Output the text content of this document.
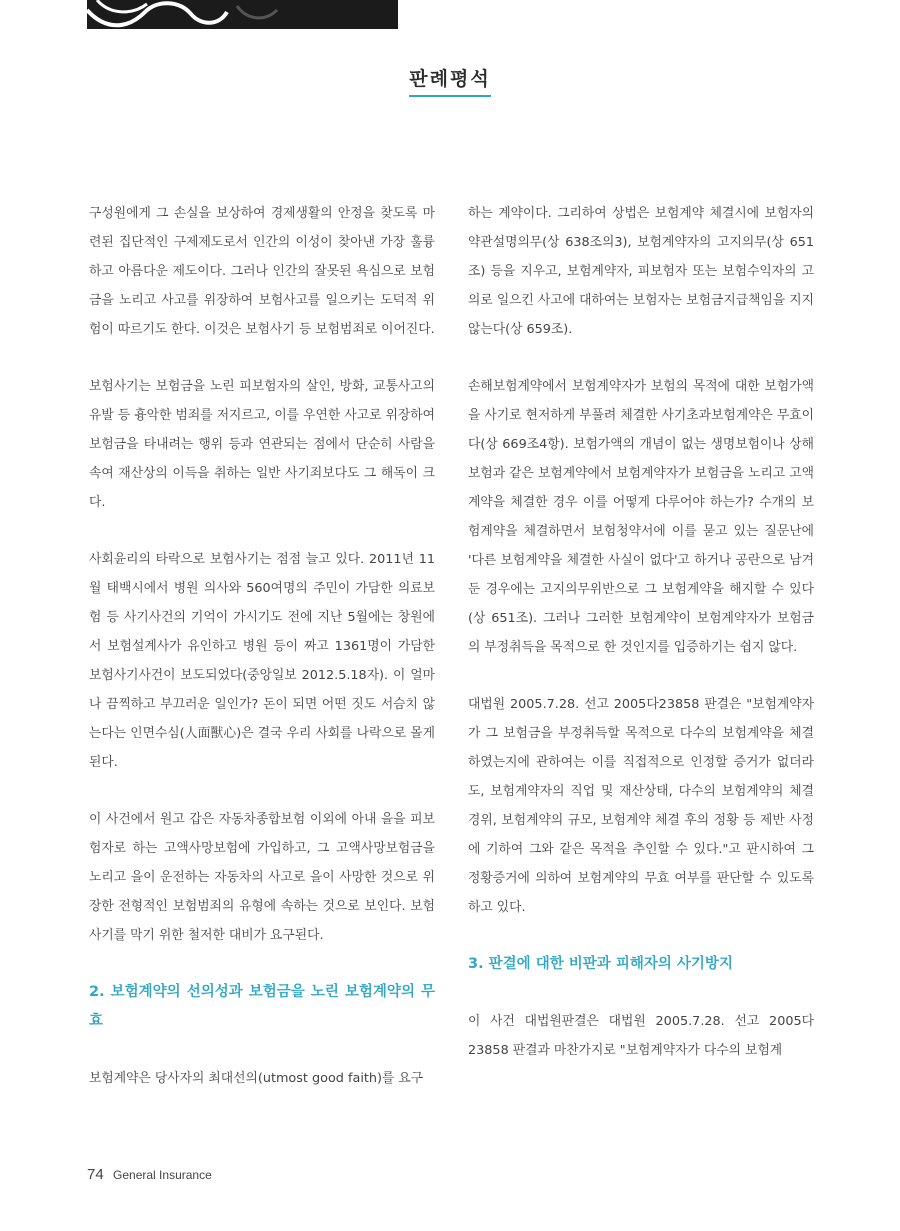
판례평석

구성원에게 그 손실을 보상하여 경제생활의 안정을 찾도록 마련된 집단적인 구제제도로서 인간의 이성이 찾아낸 가장 훌륭하고 아름다운 제도이다. 그러나 인간의 잘못된 욕심으로 보험금을 노리고 사고를 위장하여 보험사고를 일으키는 도덕적 위험이 따르기도 한다. 이것은 보험사기 등 보험범죄로 이어진다.

보험사기는 보험금을 노린 피보험자의 살인, 방화, 교통사고의 유발 등 흉악한 범죄를 저지르고, 이를 우연한 사고로 위장하여 보험금을 타내려는 행위 등과 연관되는 점에서 단순히 사람을 속여 재산상의 이득을 취하는 일반 사기죄보다도 그 해독이 크다.

사회윤리의 타락으로 보험사기는 점점 늘고 있다. 2011년 11월 태백시에서 병원 의사와 560여명의 주민이 가담한 의료보험 등 사기사건의 기억이 가시기도 전에 지난 5월에는 창원에서 보험설계사가 유인하고 병원 등이 짜고 1361명이 가담한 보험사기사건이 보도되었다(중앙일보 2012.5.18자). 이 얼마나 끔찍하고 부끄러운 일인가? 돈이 되면 어떤 짓도 서슴치 않는다는 인면수심(人面獸心)은 결국 우리 사회를 나락으로 몰게 된다.

이 사건에서 원고 갑은 자동차종합보험 이외에 아내 을을 피보험자로 하는 고액사망보험에 가입하고, 그 고액사망보험금을 노리고 을이 운전하는 자동차의 사고로 을이 사망한 것으로 위장한 전형적인 보험범죄의 유형에 속하는 것으로 보인다. 보험사기를 막기 위한 철저한 대비가 요구된다.

2. 보험계약의 선의성과 보험금을 노린 보험계약의 무효

보험계약은 당사자의 최대선의(utmost good faith)를 요구

하는 계약이다. 그리하여 상법은 보험계약 체결시에 보험자의 약관설명의무(상 638조의3), 보험계약자의 고지의무(상 651조) 등을 지우고, 보험계약자, 피보험자 또는 보험수익자의 고의로 일으킨 사고에 대하여는 보험자는 보험금지급책임을 지지 않는다(상 659조).

손해보험계약에서 보험계약자가 보험의 목적에 대한 보험가액을 사기로 현저하게 부풀려 체결한 사기초과보험계약은 무효이다(상 669조4항). 보험가액의 개념이 없는 생명보험이나 상해보험과 같은 보험계약에서 보험계약자가 보험금을 노리고 고액계약을 체결한 경우 이를 어떻게 다루어야 하는가? 수개의 보험계약을 체결하면서 보험청약서에 이를 묻고 있는 질문난에 '다른 보험계약을 체결한 사실이 없다'고 하거나 공란으로 남겨둔 경우에는 고지의무위반으로 그 보험계약을 해지할 수 있다(상 651조). 그러나 그러한 보험계약이 보험계약자가 보험금의 부정취득을 목적으로 한 것인지를 입증하기는 쉽지 않다.

대법원 2005.7.28. 선고 2005다23858 판결은 "보험계약자가 그 보험금을 부정취득할 목적으로 다수의 보험계약을 체결하였는지에 관하여는 이를 직접적으로 인정할 증거가 없더라도, 보험계약자의 직업 및 재산상태, 다수의 보험계약의 체결 경위, 보험계약의 규모, 보험계약 체결 후의 정황 등 제반 사정에 기하여 그와 같은 목적을 추인할 수 있다."고 판시하여 그 정황증거에 의하여 보험계약의 무효 여부를 판단할 수 있도록 하고 있다.

3. 판결에 대한 비판과 피해자의 사기방지

이 사건 대법원판결은 대법원 2005.7.28. 선고 2005다23858 판결과 마찬가지로 "보험계약자가 다수의 보험계

74 General Insurance
